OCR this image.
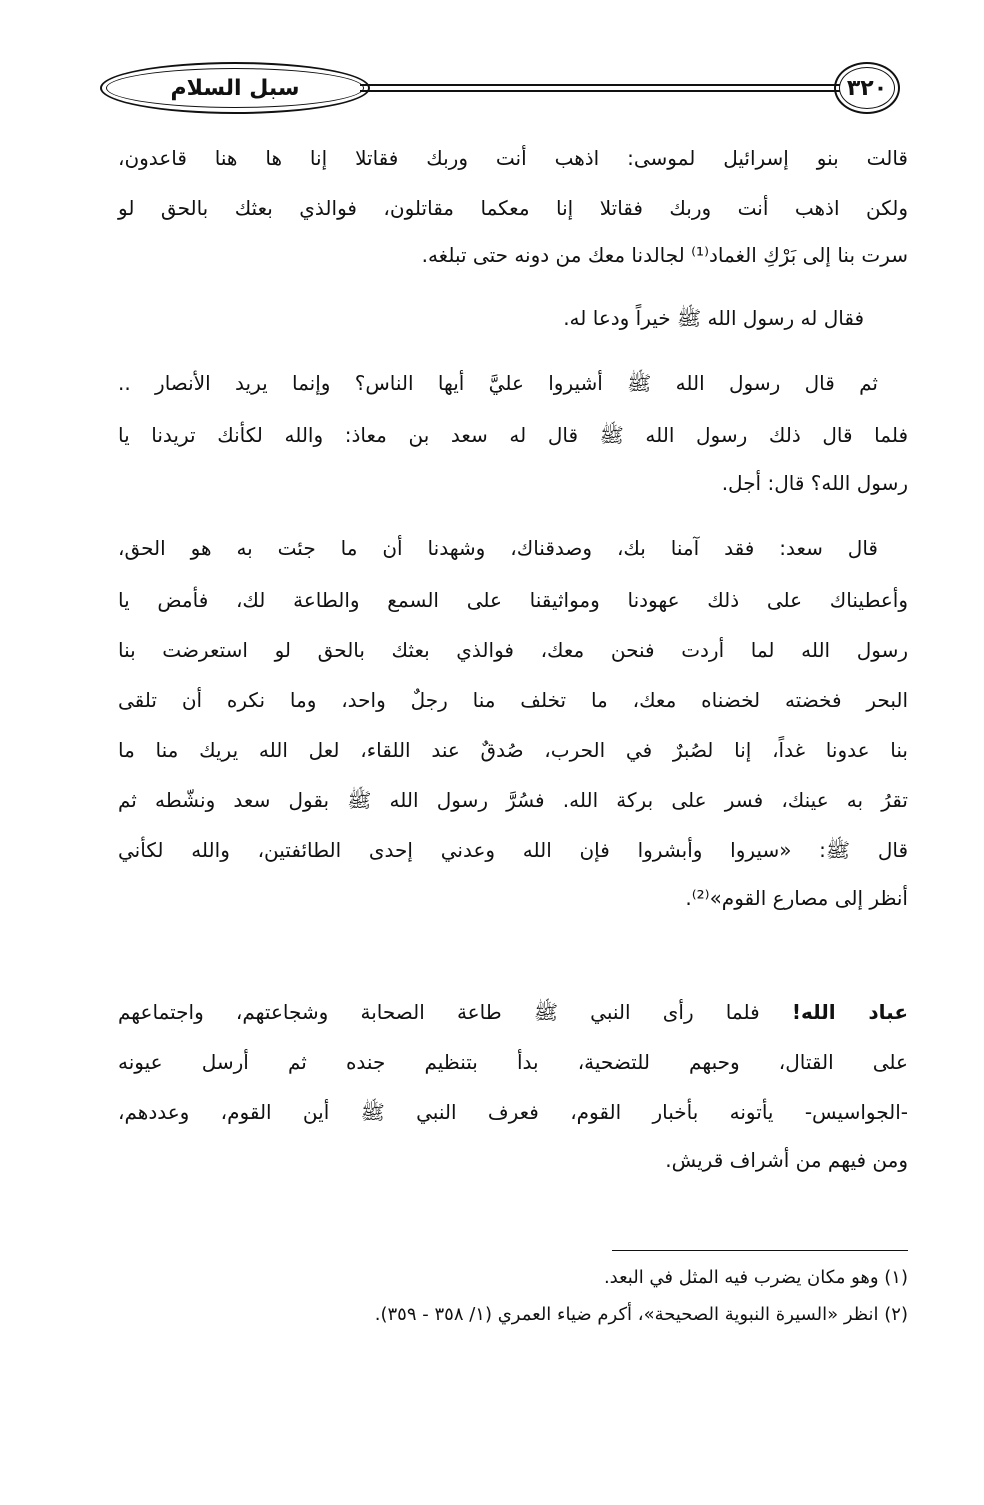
سبل السلام	٣٢٠
قالت بنو إسرائيل لموسى: اذهب أنت وربك فقاتلا إنا ها هنا قاعدون،
ولكن اذهب أنت وربك فقاتلا إنا معكما مقاتلون، فوالذي بعثك بالحق لو
سرت بنا إلى بَرْكِ الغماد⁽¹⁾ لجالدنا معك من دونه حتى تبلغه.
فقال له رسول الله ﷺ خيراً ودعا له.
ثم قال رسول الله ﷺ أشيروا عليَّ أيها الناس؟ وإنما يريد الأنصار ..
فلما قال ذلك رسول الله ﷺ قال له سعد بن معاذ: والله لكأنك تريدنا يا
رسول الله؟ قال: أجل.
قال سعد: فقد آمنا بك، وصدقناك، وشهدنا أن ما جئت به هو الحق،
وأعطيناك على ذلك عهودنا ومواثيقنا على السمع والطاعة لك، فأمض يا
رسول الله لما أردت فنحن معك، فوالذي بعثك بالحق لو استعرضت بنا
البحر فخضته لخضناه معك، ما تخلف منا رجلٌ واحد، وما نكره أن تلقى
بنا عدونا غداً، إنا لصُبرٌ في الحرب، صُدقٌ عند اللقاء، لعل الله يريك منا ما
تقرُ به عينك، فسر على بركة الله. فسُرَّ رسول الله ﷺ بقول سعد ونشّطه ثم
قال ﷺ: «سيروا وأبشروا فإن الله وعدني إحدى الطائفتين، والله لكأني
أنظر إلى مصارع القوم»⁽²⁾.
عباد الله! فلما رأى النبي ﷺ طاعة الصحابة وشجاعتهم، واجتماعهم
على القتال، وحبهم للتضحية، بدأ بتنظيم جنده ثم أرسل عيونه
-الجواسيس- يأتونه بأخبار القوم، فعرف النبي ﷺ أين القوم، وعددهم،
ومن فيهم من أشراف قريش.
(١) وهو مكان يضرب فيه المثل في البعد.
(٢) انظر «السيرة النبوية الصحيحة»، أكرم ضياء العمري (١/ ٣٥٨ - ٣٥٩).
